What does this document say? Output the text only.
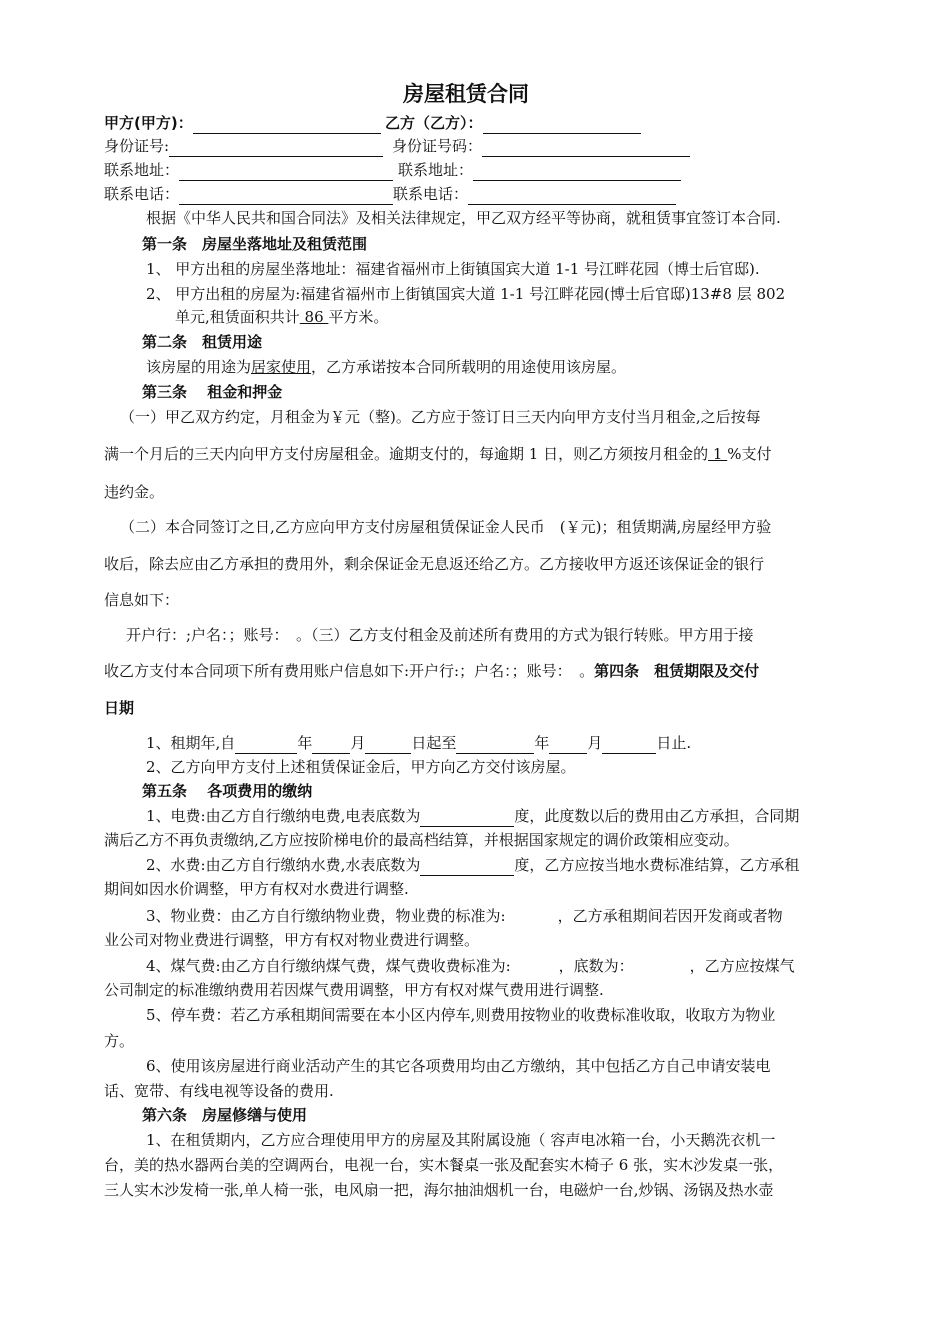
房屋租赁合同
甲方(甲方)：	乙方（乙方）：
身份证号:	身份证号码：
联系地址：	联系地址：
联系电话：	联系电话：
根据《中华人民共和国合同法》及相关法律规定，甲乙双方经平等协商，就租赁事宜签订本合同.
第一条　房屋坐落地址及租赁范围
1、 甲方出租的房屋坐落地址：福建省福州市上街镇国宾大道 1-1 号江畔花园（博士后官邸).
2、 甲方出租的房屋为:福建省福州市上街镇国宾大道 1-1 号江畔花园(博士后官邸)13#8 层 802
单元,租赁面积共计 86 平方米。
第二条　租赁用途
该房屋的用途为居家使用，乙方承诺按本合同所载明的用途使用该房屋。
第三条　 租金和押金
（一）甲乙双方约定，月租金为￥元（整)。乙方应于签订日三天内向甲方支付当月租金,之后按每
满一个月后的三天内向甲方支付房屋租金。逾期支付的，每逾期 1 日，则乙方须按月租金的 1 %支付
违约金。
（二）本合同签订之日,乙方应向甲方支付房屋租赁保证金人民币　(￥元)；租赁期满,房屋经甲方验
收后，除去应由乙方承担的费用外，剩余保证金无息返还给乙方。乙方接收甲方返还该保证金的银行
信息如下：
开户行：;户名：；账号：　。（三）乙方支付租金及前述所有费用的方式为银行转账。甲方用于接
收乙方支付本合同项下所有费用账户信息如下:开户行:；户名：；账号：　。第四条　租赁期限及交付
日期
1、租期年,自	年	月	日起至	年	月	日止.
2、乙方向甲方支付上述租赁保证金后，甲方向乙方交付该房屋。
第五条　 各项费用的缴纳
1、电费:由乙方自行缴纳电费,电表底数为	度，此度数以后的费用由乙方承担，合同期
满后乙方不再负责缴纳,乙方应按阶梯电价的最高档结算，并根据国家规定的调价政策相应变动。
2、水费:由乙方自行缴纳水费,水表底数为	度，乙方应按当地水费标准结算，乙方承租
期间如因水价调整，甲方有权对水费进行调整.
3、物业费：由乙方自行缴纳物业费，物业费的标准为:	，乙方承租期间若因开发商或者物
业公司对物业费进行调整，甲方有权对物业费进行调整。
4、煤气费:由乙方自行缴纳煤气费，煤气费收费标准为:	，底数为：	，乙方应按煤气
公司制定的标准缴纳费用若因煤气费用调整，甲方有权对煤气费用进行调整.
5、停车费：若乙方承租期间需要在本小区内停车,则费用按物业的收费标准收取，收取方为物业
方。
6、使用该房屋进行商业活动产生的其它各项费用均由乙方缴纳，其中包括乙方自己申请安装电
话、宽带、有线电视等设备的费用.
第六条　房屋修缮与使用
1、在租赁期内，乙方应合理使用甲方的房屋及其附属设施（ 容声电冰箱一台，小天鹅洗衣机一
台，美的热水器两台美的空调两台，电视一台，实木餐桌一张及配套实木椅子 6 张，实木沙发桌一张，
三人实木沙发椅一张,单人椅一张，电风扇一把，海尔抽油烟机一台，电磁炉一台,炒锅、汤锅及热水壶
